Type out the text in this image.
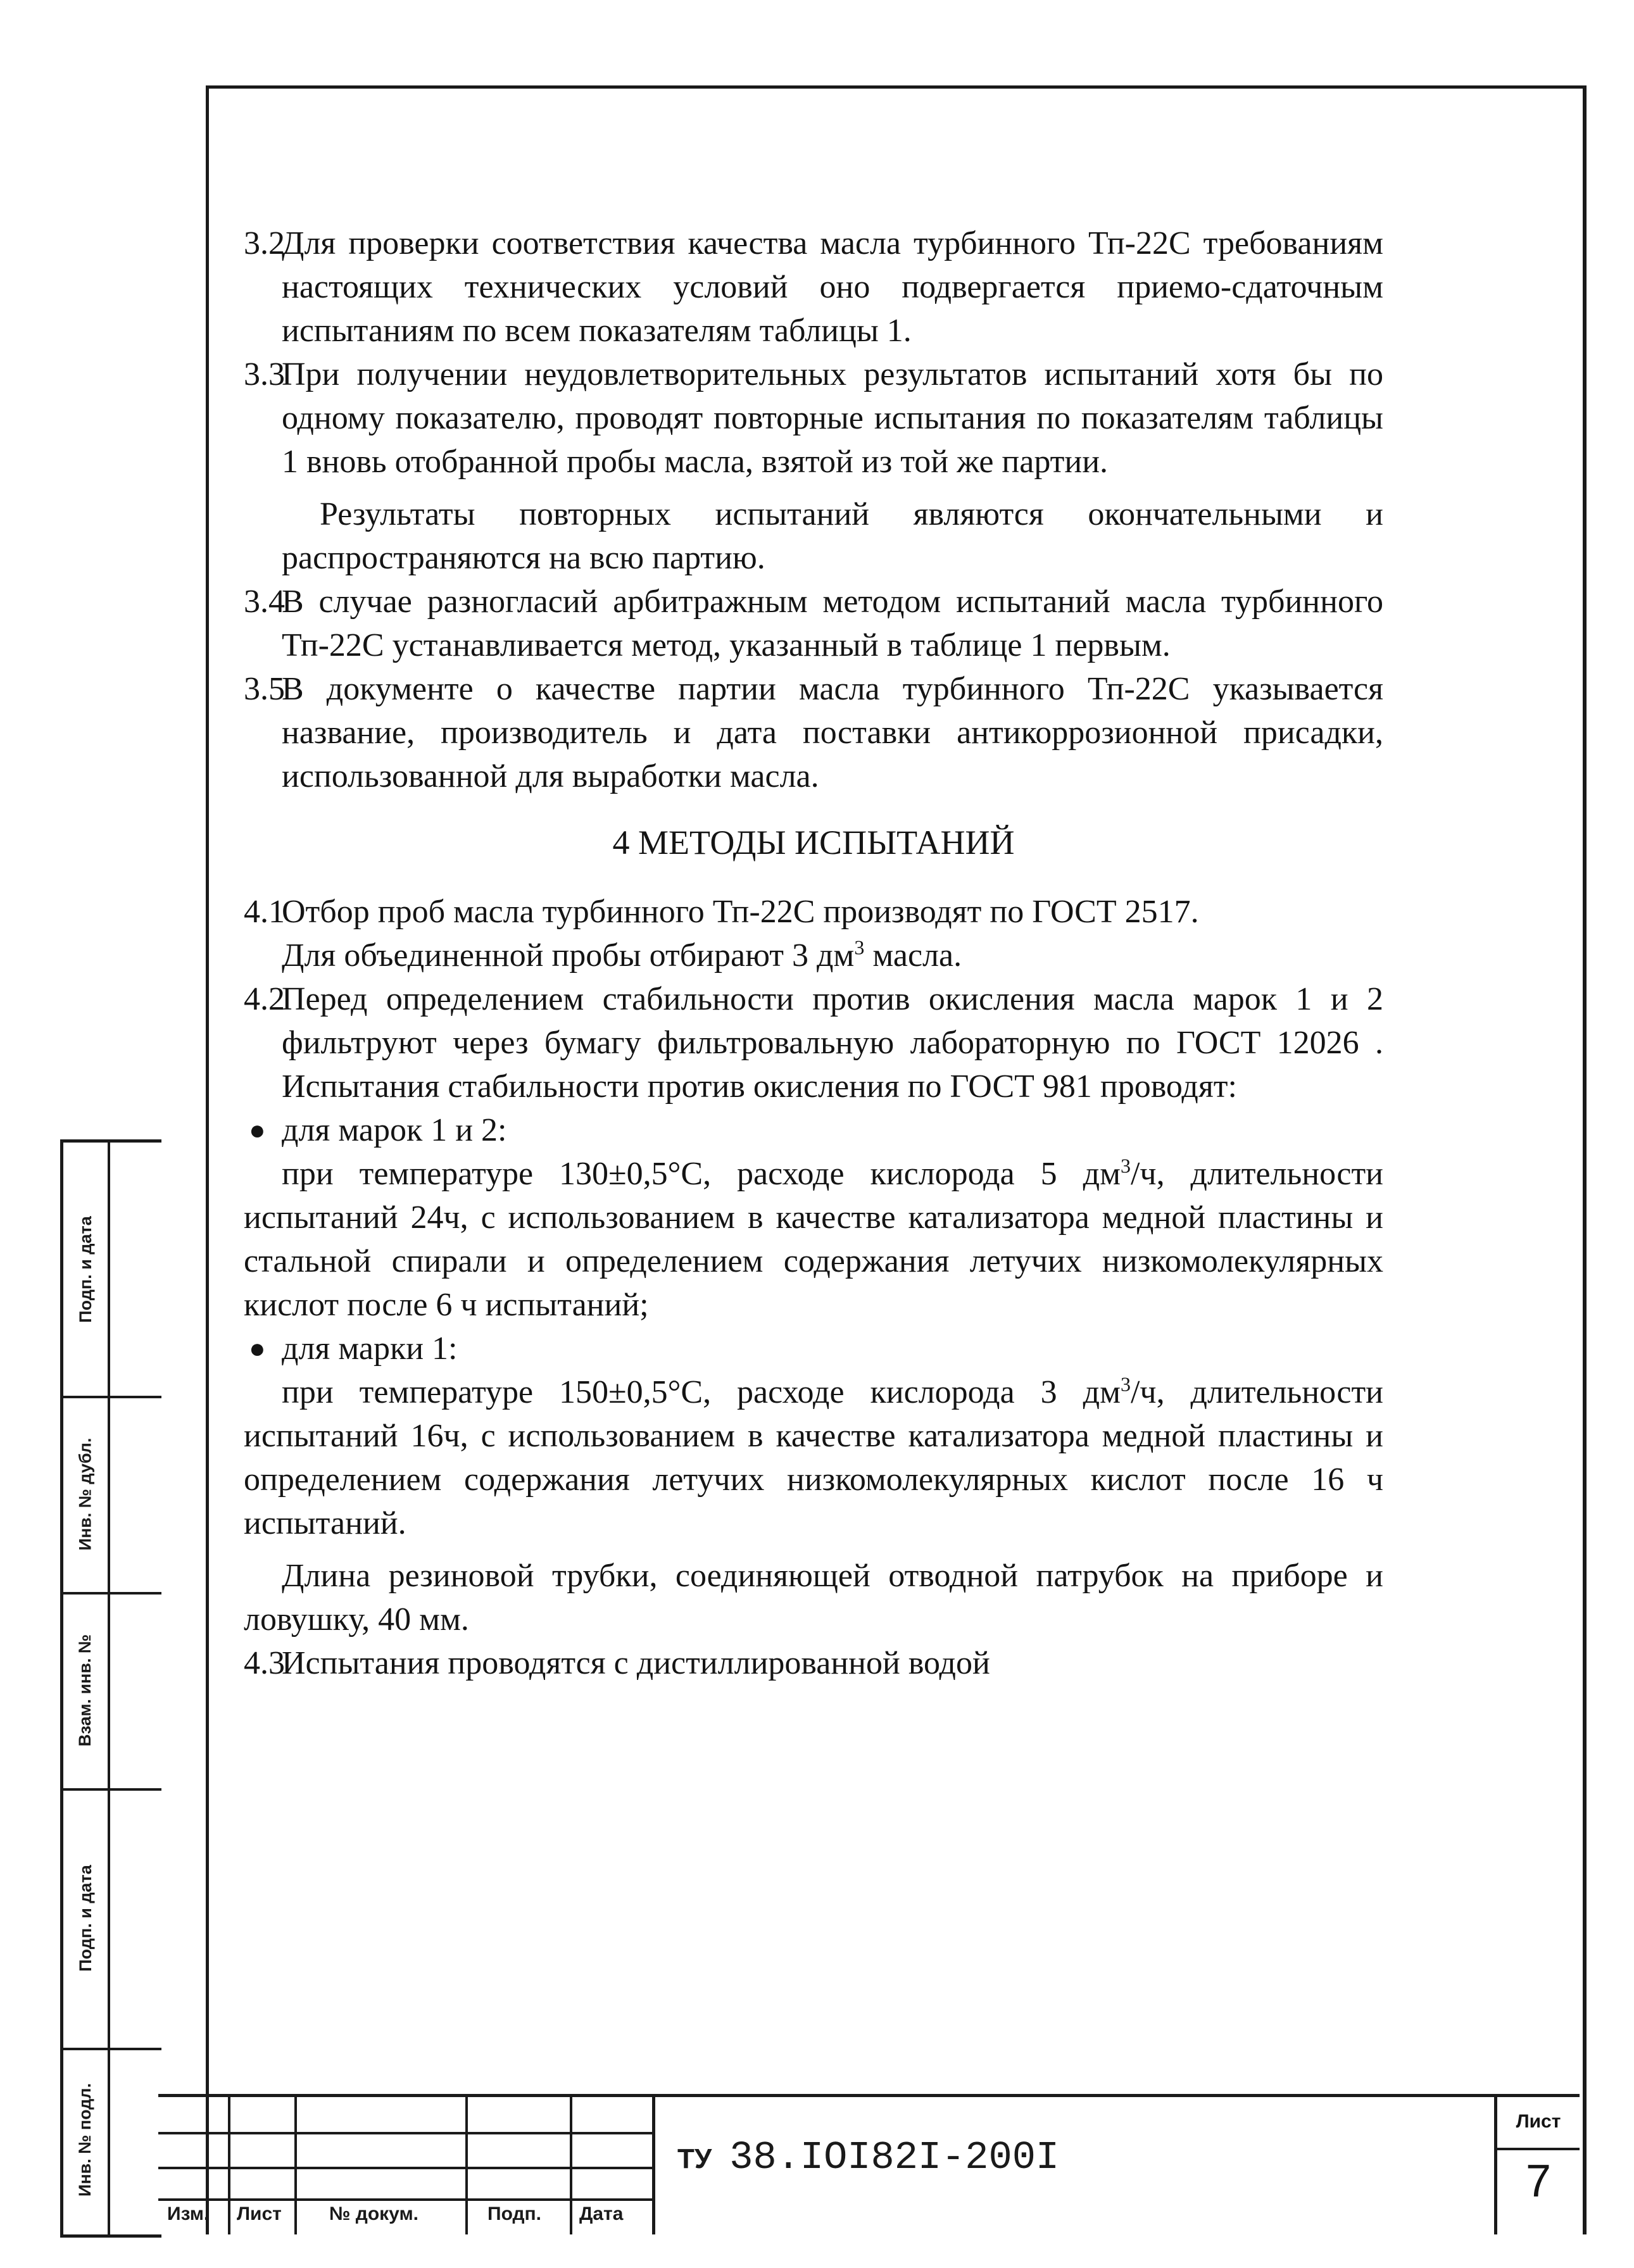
Подп. и дата
Инв. № дубл.
Взам. инв. №
Подп. и дата
Инв. № подл.
3.2
Для проверки соответствия качества масла турбинного Тп-22С требованиям настоящих технических условий оно подвергается приемо-сдаточным испытаниям по всем показателям таблицы 1.
3.3
При получении неудовлетворительных результатов испытаний хотя бы по одному показателю, проводят повторные испытания по показателям таблицы 1 вновь отобранной пробы масла, взятой из той же партии.
Результаты повторных испытаний являются окончательными и распространяются на всю партию.
3.4
В случае разногласий арбитражным методом испытаний масла турбинного Тп-22С устанавливается метод, указанный в таблице 1 первым.
3.5
В документе о качестве партии масла турбинного Тп-22С указывается название, производитель и дата поставки антикоррозионной присадки, использованной для выработки масла.
4 МЕТОДЫ ИСПЫТАНИЙ
4.1
Отбор проб масла турбинного Тп-22С производят по ГОСТ 2517.
Для объединенной пробы отбирают 3 $дм^3$ масла.
4.2
Перед определением стабильности против окисления масла марок 1 и 2 фильтруют через бумагу фильтровальную лабораторную по ГОСТ 12026 . Испытания стабильности против окисления по ГОСТ 981 проводят:
● для марок 1 и 2:
при температуре 130±0,5°С, расходе кислорода 5 $дм^3/ч$, длительности испытаний 24ч, с использованием в качестве катализатора медной пластины и стальной спирали и определением содержания летучих низкомолекулярных кислот после 6 ч испытаний;
● для марки 1:
при температуре 150±0,5°С, расходе кислорода 3 $дм^3/ч$, длительности испытаний 16ч, с использованием в качестве катализатора медной пластины и определением содержания летучих низкомолекулярных кислот после 16 ч испытаний.
Длина резиновой трубки, соединяющей отводной патрубок на приборе и ловушку, 40 мм.
4.3
Испытания проводятся с дистиллированной водой
Изм. Лист	№ докум.	Подп. Дата
ТУ 38.IOI82I-200I
Лист
7
